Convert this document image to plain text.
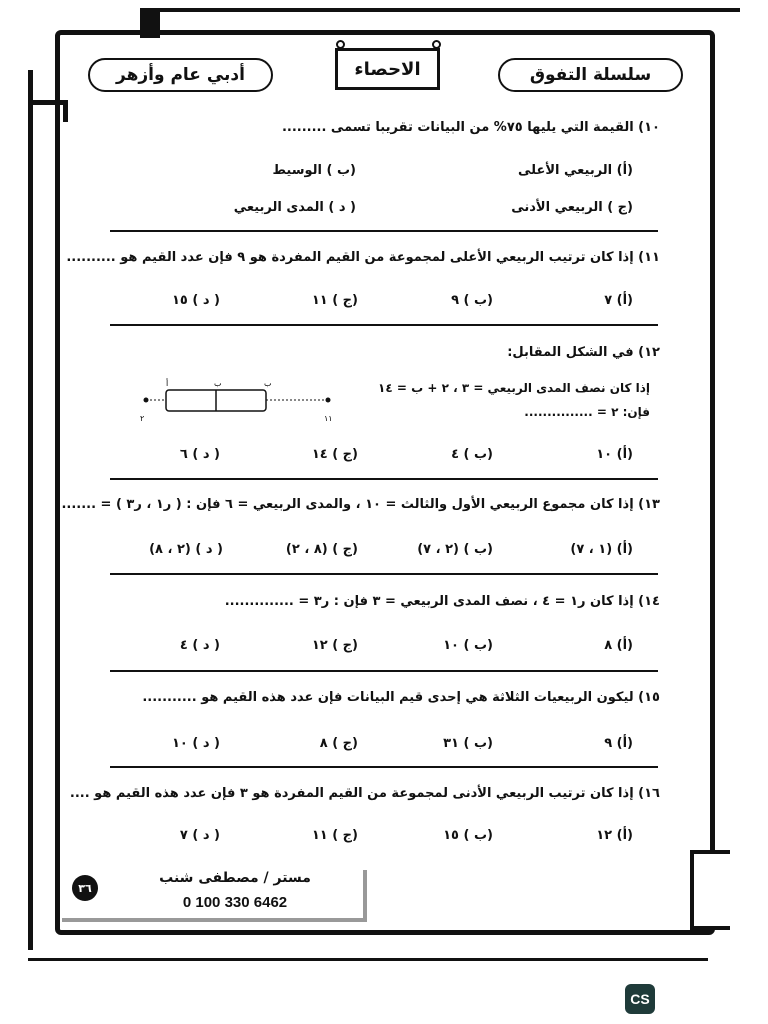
أدبي عام وأزهر	الاحصاء	سلسلة التفوق
١٠) القيمة التي يليها ٧٥% من البيانات تقريبا تسمى .........
(أ) الربيعي الأعلى
(ب ) الوسيط
(ج ) الربيعي الأدنى
( د ) المدى الربيعي
١١) إذا كان ترتيب الربيعي الأعلى لمجموعة من القيم المفردة هو ٩ فإن عدد القيم هو ..........
(أ) ٧
(ب ) ٩
(ج ) ١١
( د ) ١٥
١٢) في الشكل المقابل:
إذا كان نصف المدى الربيعي = ٣ ، ٢ + ب = ١٤
فإن: ٢ = ...............
٢
أ	ب	ب
١١
(أ) ١٠
(ب ) ٤
(ج ) ١٤
( د ) ٦
١٣) إذا كان مجموع الربيعي الأول والثالث = ١٠ ، والمدى الربيعي = ٦ فإن : ( ر١ ، ر٣ ) = .......
(أ) (١ ، ٧)
(ب ) (٢ ، ٧)
(ج ) (٨ ، ٢)
( د ) (٢ ، ٨)
١٤) إذا كان ر١ = ٤ ، نصف المدى الربيعي = ٣ فإن : ر٣ = ..............
(أ) ٨
(ب ) ١٠
(ج ) ١٢
( د ) ٤
١٥) ليكون الربيعيات الثلاثة هي إحدى قيم البيانات فإن عدد هذه القيم هو ...........
(أ) ٩
(ب ) ٣١
(ج ) ٨
( د ) ١٠
١٦) إذا كان ترتيب الربيعي الأدنى لمجموعة من القيم المفردة هو ٣ فإن عدد هذه القيم هو ....
(أ) ١٢
(ب ) ١٥
(ج ) ١١
( د ) ٧
٣٦
مستر / مصطفى شنب
0 100 330 6462
CS
